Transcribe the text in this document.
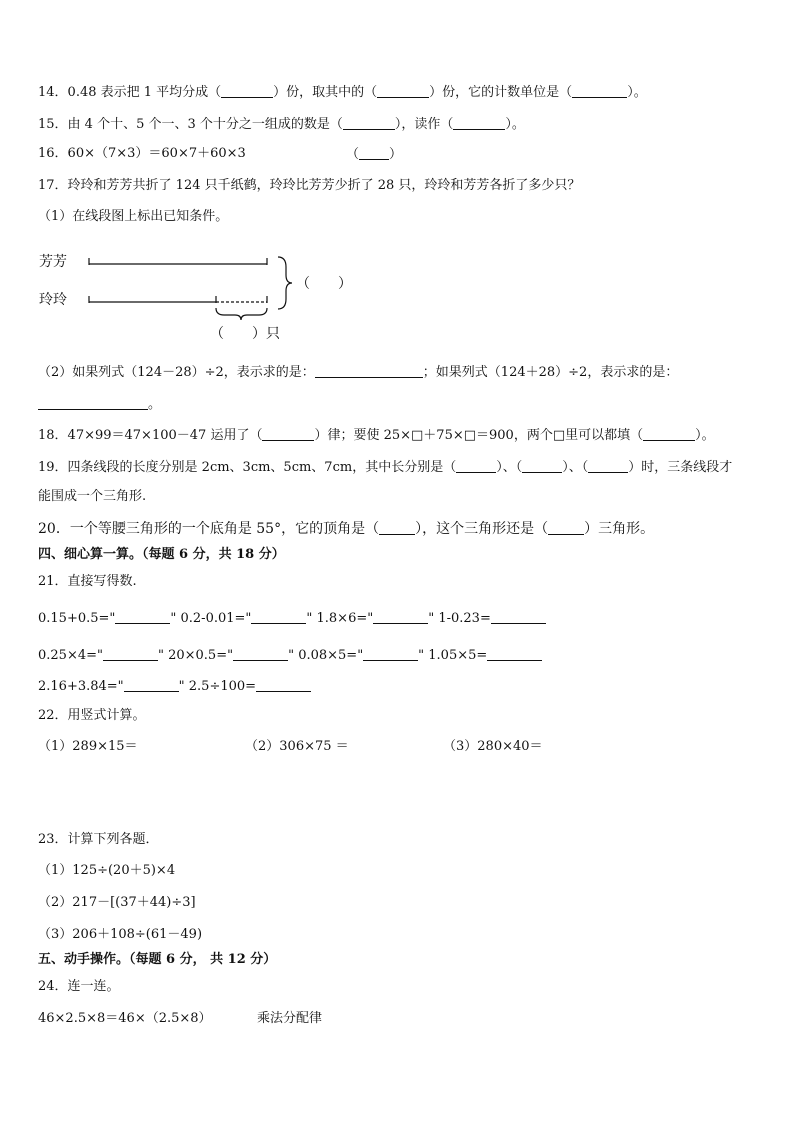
14．0.48 表示把 1 平均分成（	）份，取其中的（	）份，它的计数单位是（	）。
15．由 4 个十、5 个一、3 个十分之一组成的数是（	），读作（	）。
16．60×（7×3）＝60×7＋60×3	（ ）
17．玲玲和芳芳共折了 124 只千纸鹤，玲玲比芳芳少折了 28 只，玲玲和芳芳各折了多少只？
（1）在线段图上标出已知条件。
芳芳
玲玲
（　　）
（　　）只
（2）如果列式（124－28）÷2，表示求的是：	；如果列式（124＋28）÷2，表示求的是：
。
18．47×99＝47×100－47 运用了（	）律；要使 25×□＋75×□＝900，两个□里可以都填（	）。
19．四条线段的长度分别是 2cm、3cm、5cm、7cm，其中长分别是（	）、（	）、（	）时，三条线段才
能围成一个三角形.
20．一个等腰三角形的一个底角是 55°，它的顶角是（	），这个三角形还是（	）三角形。
四、细心算一算。（每题 6 分，共 18 分）
21．直接写得数.
0.15+0.5="	" 0.2-0.01="	" 1.8×6="	" 1-0.23=
0.25×4="	" 20×0.5="	" 0.08×5="	" 1.05×5=
2.16+3.84="	" 2.5÷100=
22．用竖式计算。
（1）289×15＝	（2）306×75 ＝	（3）280×40＝
23．计算下列各题．
（1）125÷(20＋5)×4
（2）217－[(37＋44)÷3]
（3）206＋108÷(61－49)
五、动手操作。（每题 6 分， 共 12 分）
24．连一连。
46×2.5×8＝46×（2.5×8）	乘法分配律
